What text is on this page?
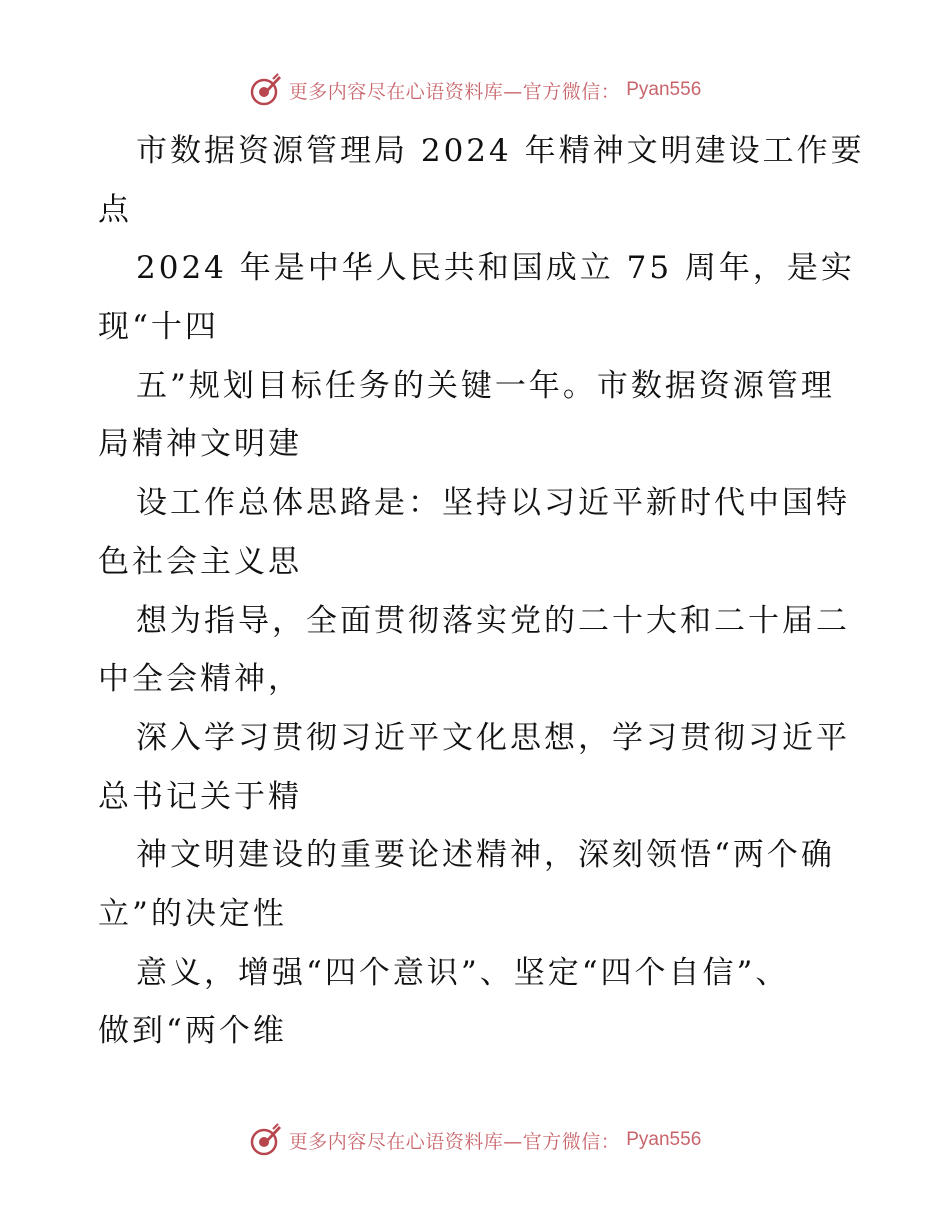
更多内容尽在心语资料库—官方微信： Pyan556
市数据资源管理局 2024 年精神文明建设工作要
点
2024 年是中华人民共和国成立 75 周年，是实
现“十四
五”规划目标任务的关键一年。市数据资源管理
局精神文明建
设工作总体思路是：坚持以习近平新时代中国特
色社会主义思
想为指导，全面贯彻落实党的二十大和二十届二
中全会精神，
深入学习贯彻习近平文化思想，学习贯彻习近平
总书记关于精
神文明建设的重要论述精神，深刻领悟“两个确
立”的决定性
意义，增强“四个意识”、坚定“四个自信”、
做到“两个维
更多内容尽在心语资料库—官方微信： Pyan556
